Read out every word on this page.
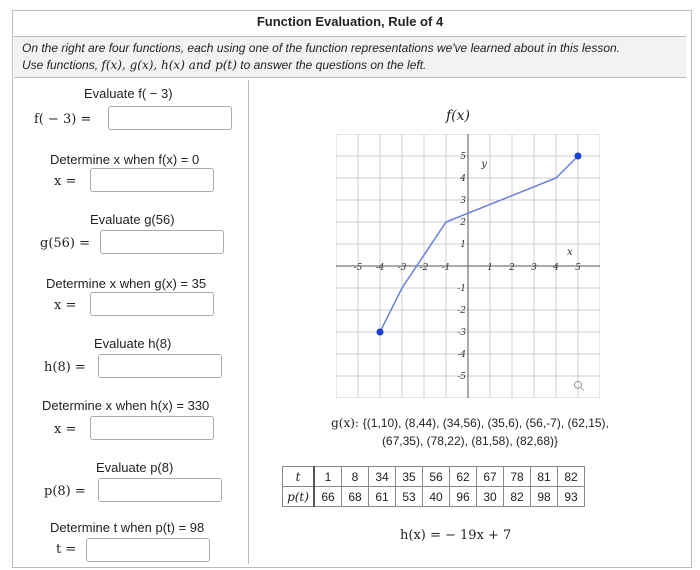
Function Evaluation, Rule of 4
On the right are four functions, each using one of the function representations we've learned about in this lesson.
Use functions, f(x), g(x), h(x) and p(t) to answer the questions on the left.
Evaluate f( − 3)
f( − 3) =
Determine x when f(x) = 0
x =
Evaluate g(56)
g(56) =
Determine x when g(x) = 35
x =
Evaluate h(8)
h(8) =
Determine x when h(x) = 330
x =
Evaluate p(8)
p(8) =
Determine t when p(t) = 98
t =
f(x)
-5 -4 -3 -2 -1	1 2 3 4 5
5
4
3
2
1
-1
-2
-3
-4
-5
x
y
g(x): {(1,10), (8,44), (34,56), (35,6), (56,-7), (62,15),
(67,35), (78,22), (81,58), (82,68)}
t	1	8	34	35	56	62	67	78	81	82
p(t)	66	68	61	53	40	96	30	82	98	93
h(x) = − 19x + 7
